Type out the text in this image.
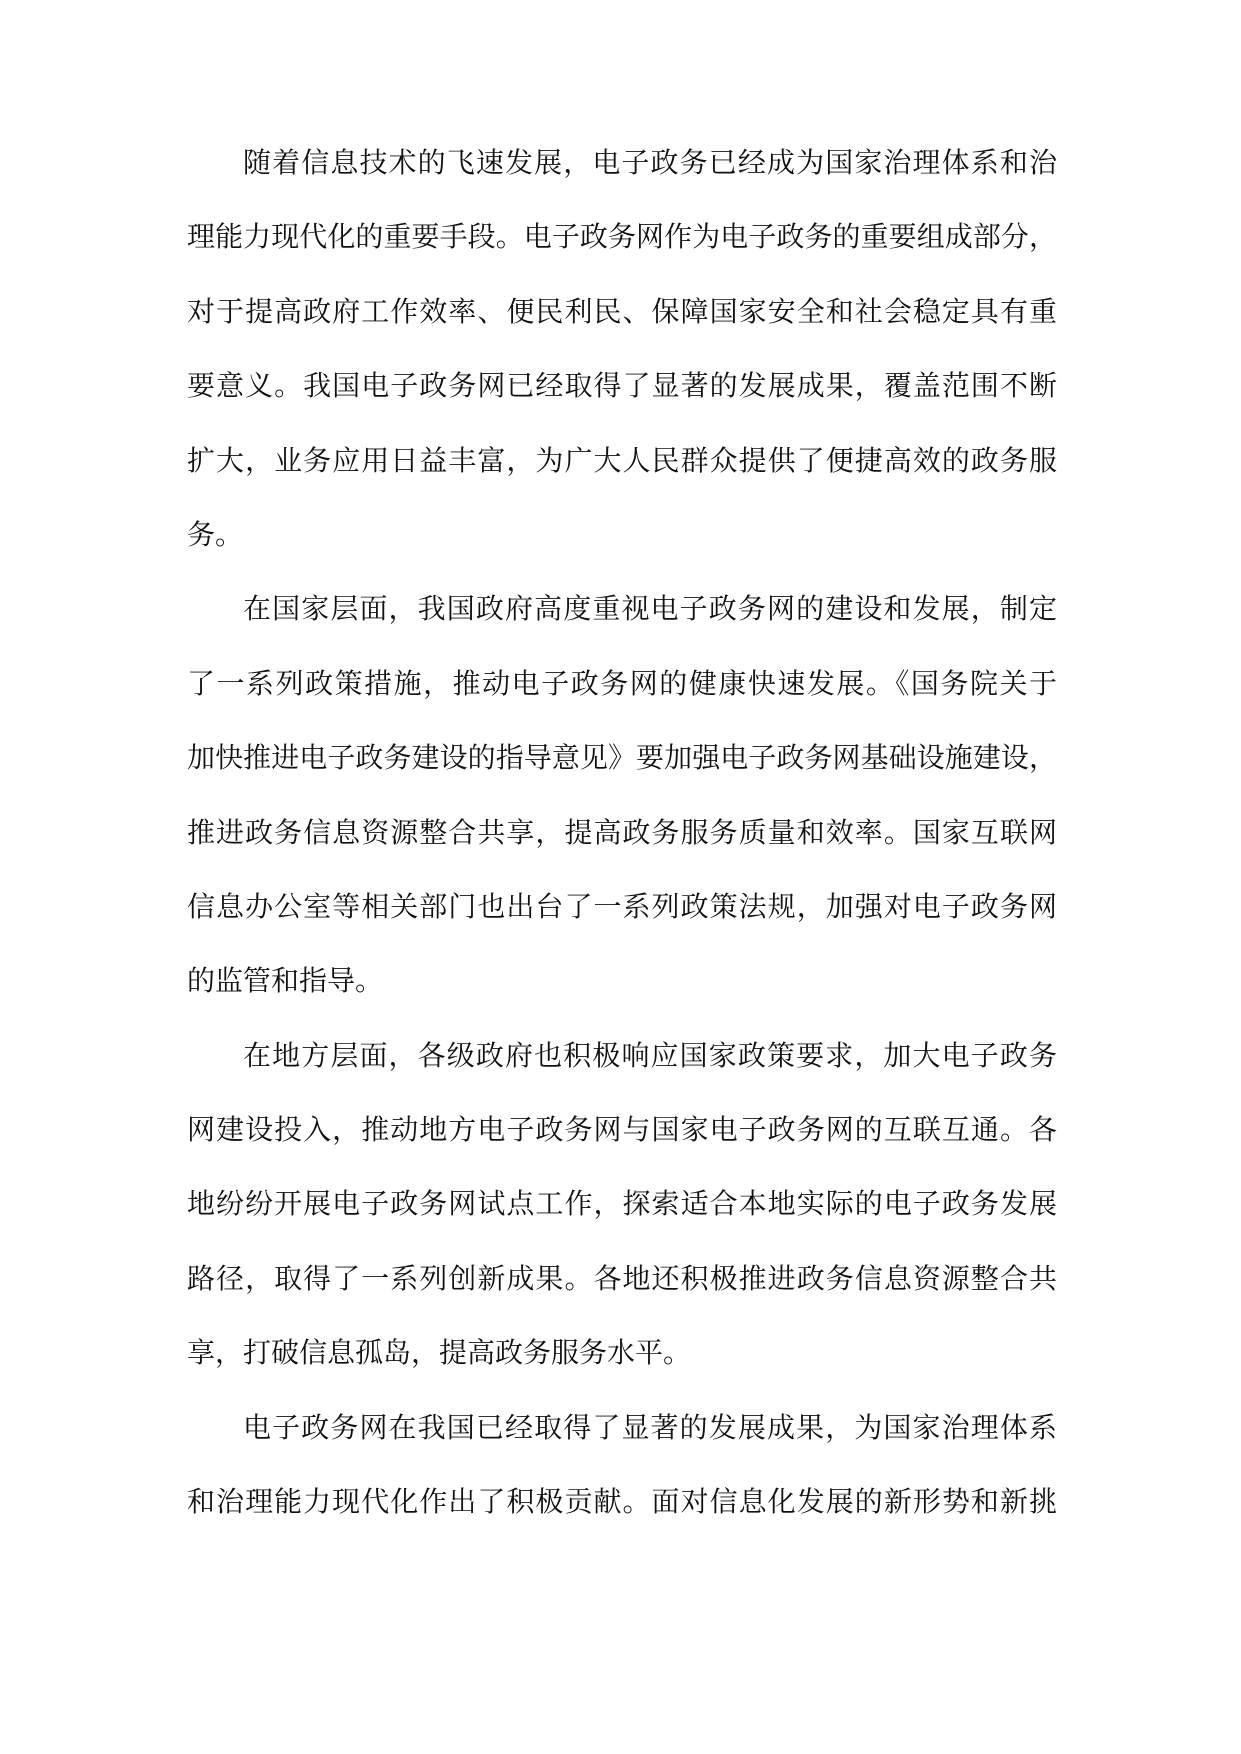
随着信息技术的飞速发展，电子政务已经成为国家治理体系和治
理能力现代化的重要手段。电子政务网作为电子政务的重要组成部分，
对于提高政府工作效率、便民利民、保障国家安全和社会稳定具有重
要意义。我国电子政务网已经取得了显著的发展成果，覆盖范围不断
扩大，业务应用日益丰富，为广大人民群众提供了便捷高效的政务服
务。
在国家层面，我国政府高度重视电子政务网的建设和发展，制定
了一系列政策措施，推动电子政务网的健康快速发展。《国务院关于
加快推进电子政务建设的指导意见》要加强电子政务网基础设施建设，
推进政务信息资源整合共享，提高政务服务质量和效率。国家互联网
信息办公室等相关部门也出台了一系列政策法规，加强对电子政务网
的监管和指导。
在地方层面，各级政府也积极响应国家政策要求，加大电子政务
网建设投入，推动地方电子政务网与国家电子政务网的互联互通。各
地纷纷开展电子政务网试点工作，探索适合本地实际的电子政务发展
路径，取得了一系列创新成果。各地还积极推进政务信息资源整合共
享，打破信息孤岛，提高政务服务水平。
电子政务网在我国已经取得了显著的发展成果，为国家治理体系
和治理能力现代化作出了积极贡献。面对信息化发展的新形势和新挑
